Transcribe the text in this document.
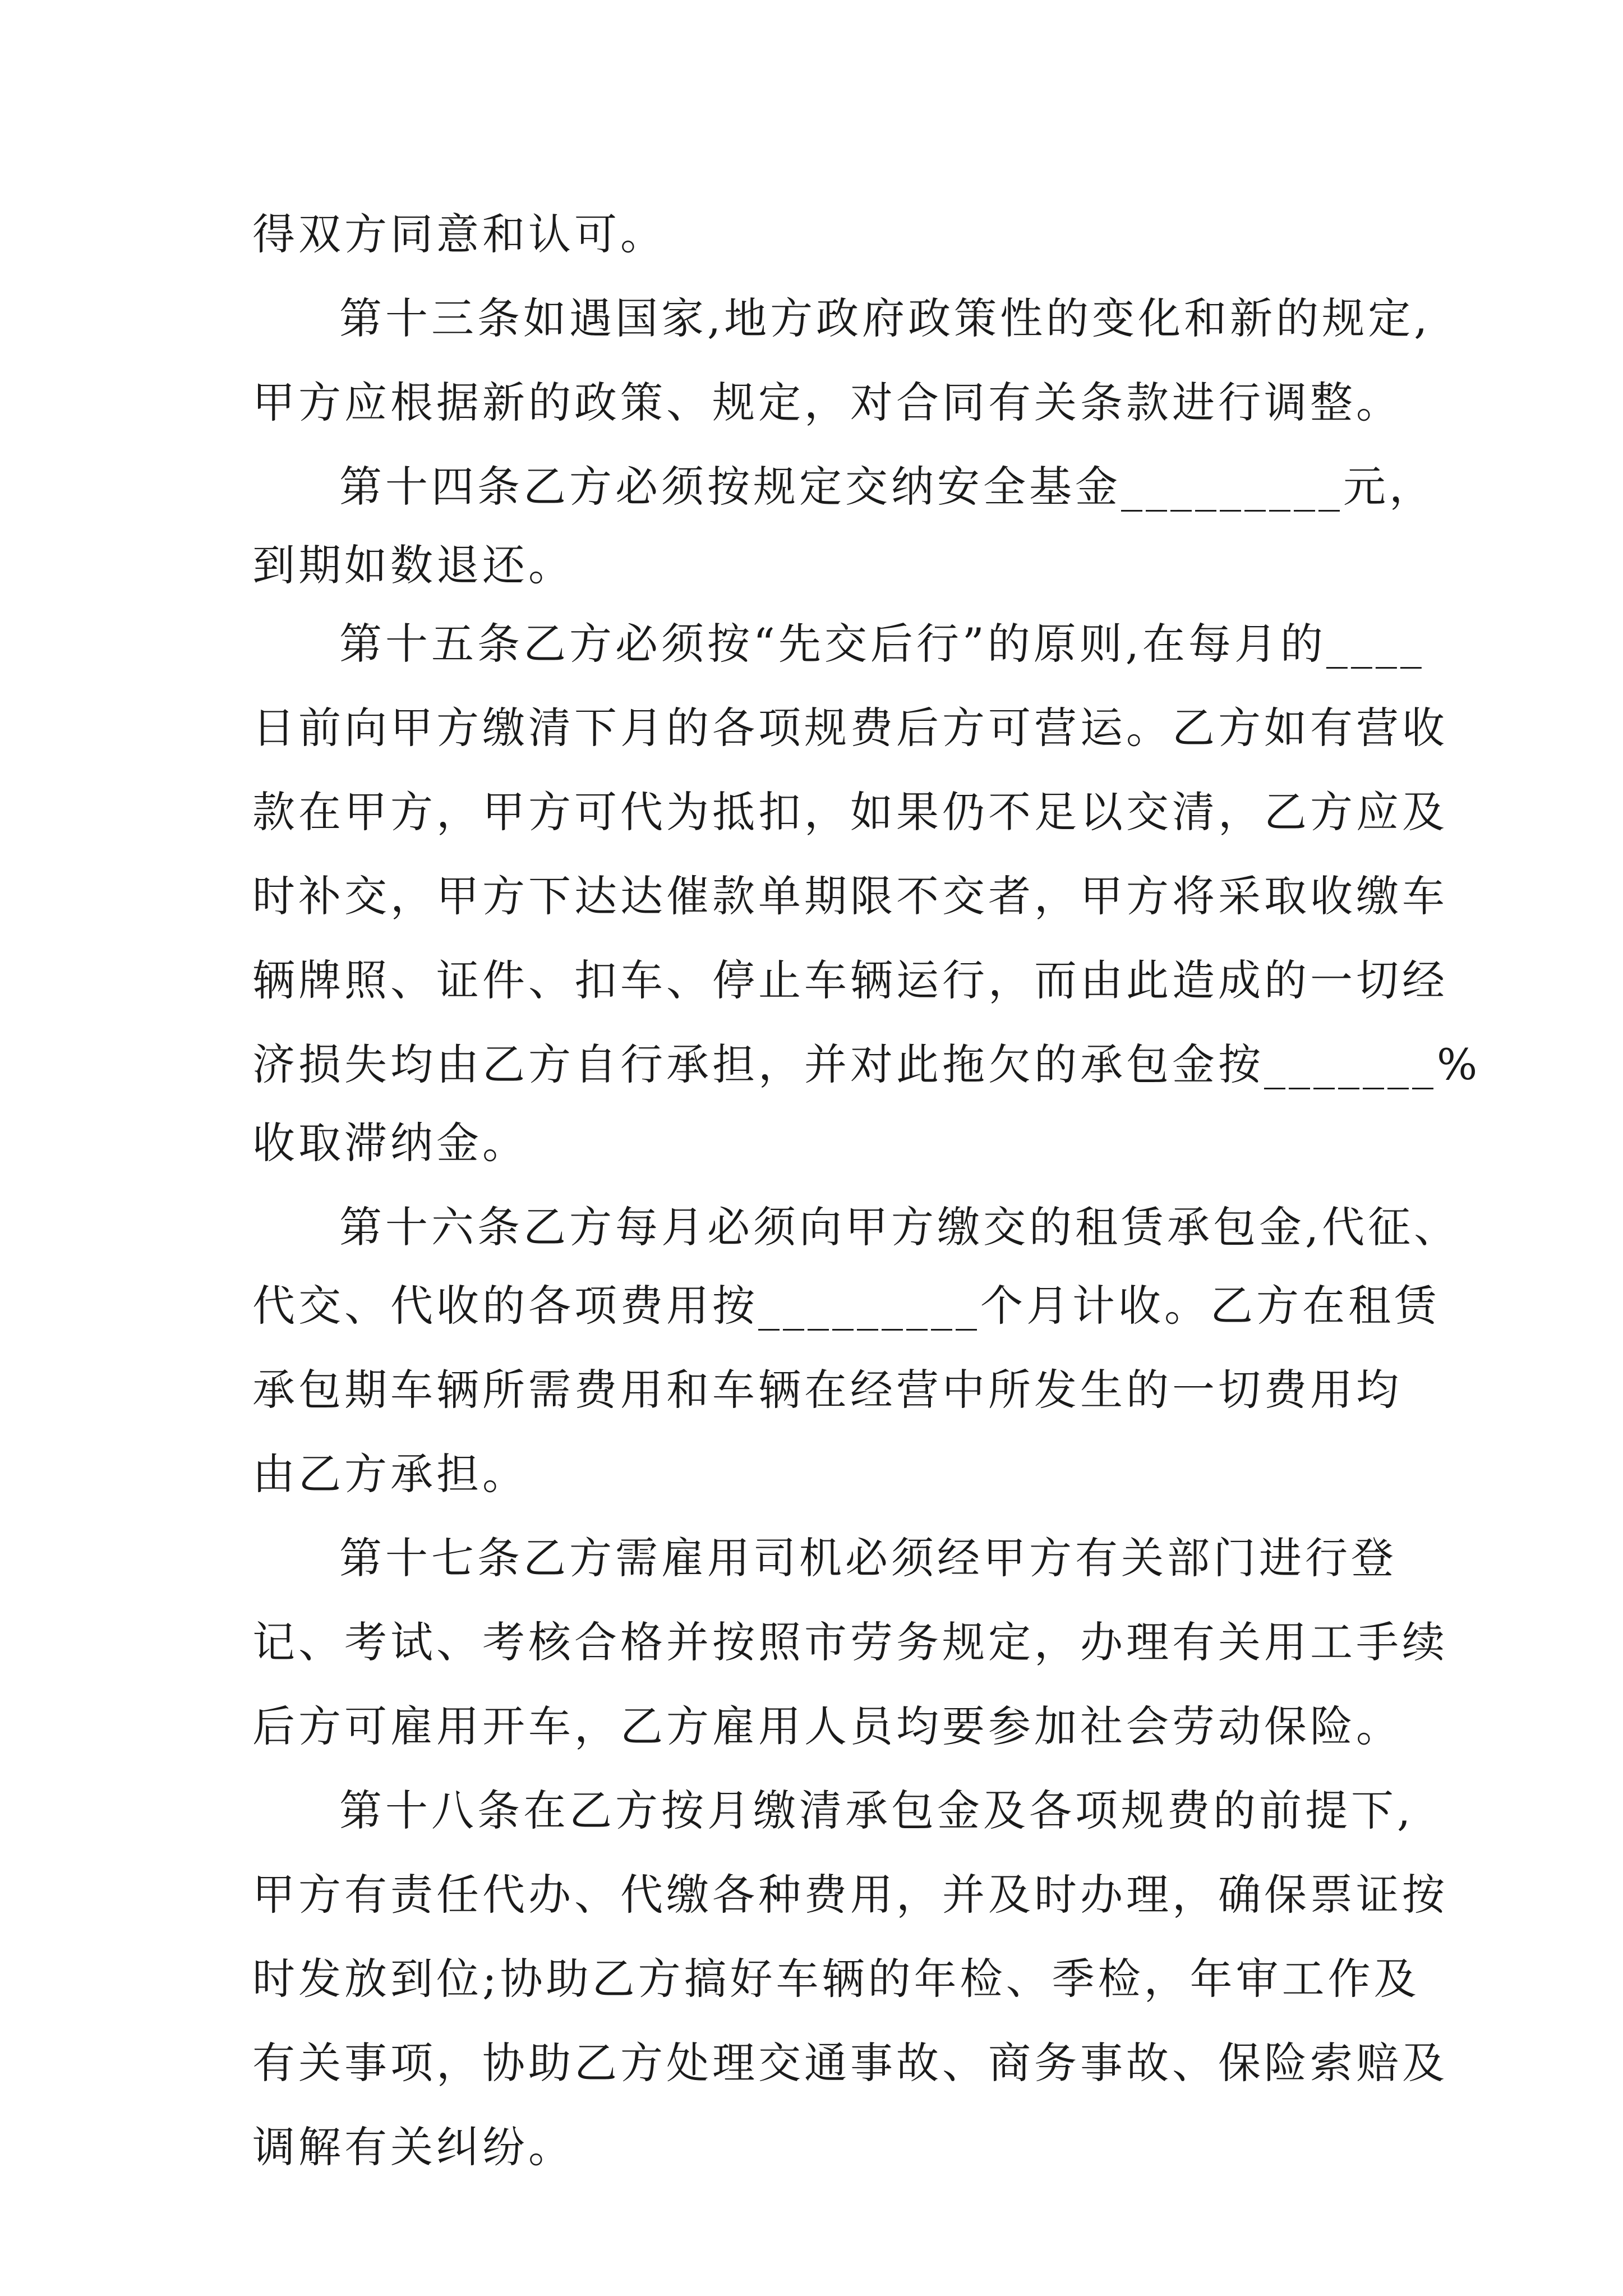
得双方同意和认可。

第十三条如遇国家,地方政府政策性的变化和新的规定,

甲方应根据新的政策、规定，对合同有关条款进行调整。

第十四条乙方必须按规定交纳安全基金_________元，

到期如数退还。

第十五条乙方必须按“先交后行”的原则,在每月的____

日前向甲方缴清下月的各项规费后方可营运。乙方如有营收

款在甲方，甲方可代为抵扣，如果仍不足以交清，乙方应及

时补交，甲方下达达催款单期限不交者，甲方将采取收缴车

辆牌照、证件、扣车、停止车辆运行，而由此造成的一切经

济损失均由乙方自行承担，并对此拖欠的承包金按_______%

收取滞纳金。

第十六条乙方每月必须向甲方缴交的租赁承包金,代征、

代交、代收的各项费用按_________个月计收。乙方在租赁

承包期车辆所需费用和车辆在经营中所发生的一切费用均

由乙方承担。

第十七条乙方需雇用司机必须经甲方有关部门进行登

记、考试、考核合格并按照市劳务规定，办理有关用工手续

后方可雇用开车，乙方雇用人员均要参加社会劳动保险。

第十八条在乙方按月缴清承包金及各项规费的前提下,

甲方有责任代办、代缴各种费用，并及时办理，确保票证按

时发放到位;协助乙方搞好车辆的年检、季检，年审工作及

有关事项，协助乙方处理交通事故、商务事故、保险索赔及

调解有关纠纷。
